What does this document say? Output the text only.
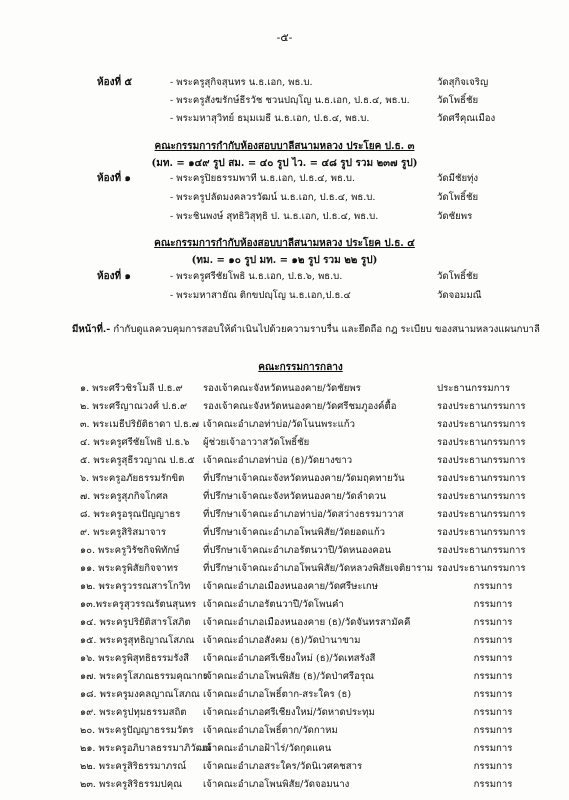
-๕-
ห้องที่ ๕	- พระครูสุกิจสุนทร น.ธ.เอก, พธ.บ.	วัดสุกิจเจริญ
- พระครูสังฆรักษ์ธีรวัช ชวนปญฺโญ น.ธ.เอก, ป.ธ.๔, พธ.บ.	วัดโพธิ์ชัย
- พระมหาสุวิทย์ ธมฺมเมธี น.ธ.เอก, ป.ธ.๔, พธ.บ.	วัดศรีคุณเมือง
คณะกรรมการกำกับห้องสอบบาลีสนามหลวง ประโยค ป.ธ. ๓
(มท. = ๑๔๙ รูป สม. = ๔๐ รูป ไว. = ๔๘ รูป รวม ๒๓๗ รูป)
ห้องที่ ๑	- พระครูปิยธรรมพาที น.ธ.เอก, ป.ธ.๔, พธ.บ.	วัดมีชัยทุ่ง
- พระครูปลัดมงคลวรวัฒน์ น.ธ.เอก, ป.ธ.๔, พธ.บ.	วัดโพธิ์ชัย
- พระชินพงษ์ สุทธิวิสุทฺธิ ป. น.ธ.เอก, ป.ธ.๔, พธ.บ.	วัดชัยพร
คณะกรรมการกำกับห้องสอบบาลีสนามหลวง ประโยค ป.ธ. ๔
(ทม. = ๑๐ รูป มท. = ๑๒ รูป รวม ๒๒ รูป)
ห้องที่ ๑	- พระครูศรีชัยโพธิ น.ธ.เอก, ป.ธ.๖, พธ.บ.	วัดโพธิ์ชัย
- พระมหาสายัณ ติกขปญฺโญ น.ธ.เอก,ป.ธ.๔	วัดจอมมณี
มีหน้าที่.- กำกับดูแลควบคุมการสอบให้ดำเนินไปด้วยความราบรื่น และยึดถือ กฎ ระเบียบ ของสนามหลวงแผนกบาลี
คณะกรรมการกลาง
๑. พระศรีวชิรโมลี ป.ธ.๙ รองเจ้าคณะจังหวัดหนองคาย/วัดชัยพร	ประธานกรรมการ
๒. พระศรีญาณวงศ์ ป.ธ.๙ รองเจ้าคณะจังหวัดหนองคาย/วัดศรีชมภูองค์ตื้อ	รองประธานกรรมการ
๓. พระเมธีปริยัติธาดา ป.ธ.๗ เจ้าคณะอำเภอท่าบ่อ/วัดโนนพระแก้ว	รองประธานกรรมการ
๔. พระครูศรีชัยโพธิ ป.ธ.๖ ผู้ช่วยเจ้าอาวาสวัดโพธิ์ชัย	รองประธานกรรมการ
๕. พระครูสุธีรวญาณ ป.ธ.๕ เจ้าคณะอำเภอท่าบ่อ (ธ)/วัดยางขาว	รองประธานกรรมการ
๖. พระครูอภัยธรรมรักขิต ที่ปรึกษาเจ้าคณะจังหวัดหนองคาย/วัดมฤคทายวัน	รองประธานกรรมการ
๗. พระครูสุภกิจโกศล	ที่ปรึกษาเจ้าคณะจังหวัดหนองคาย/วัดลำดวน	รองประธานกรรมการ
๘. พระครูอรุณปัญญาธร ที่ปรึกษาเจ้าคณะอำเภอท่าบ่อ/วัดสว่างธรรมาวาส	รองประธานกรรมการ
๙. พระครูสิริสมาจาร	ที่ปรึกษาเจ้าคณะอำเภอโพนพิสัย/วัดยอดแก้ว	รองประธานกรรมการ
๑๐. พระครูวิรัชกิจพิทักษ์ ที่ปรึกษาเจ้าคณะอำเภอรัตนวาปี/วัดหนองคอน	รองประธานกรรมการ
๑๑. พระครูพิสัยกิจจาทร	ที่ปรึกษาเจ้าคณะอำเภอโพนพิสัย/วัดหลวงพิสัยเจติยาราม รองประธานกรรมการ
๑๒. พระครูวรรณสารโกวิท เจ้าคณะอำเภอเมืองหนองคาย/วัดศรีษะเกษ	กรรมการ
๑๓.พระครูสุวรรณรัตนสุนทร เจ้าคณะอำเภอรัตนวาปี/วัดโพนคำ	กรรมการ
๑๔. พระครูปริยัติสารโสภิต เจ้าคณะอำเภอเมืองหนองคาย (ธ)/วัดจันทรสามัคคี	กรรมการ
๑๕. พระครูสุทธิญาณโสภณ เจ้าคณะอำเภอสังคม (ธ)/วัดป่านาขาม	กรรมการ
๑๖. พระครูพิสุทธิธรรมรังสี เจ้าคณะอำเภอศรีเชียงใหม่ (ธ)/วัดเทสรังสี	กรรมการ
๑๗. พระครูโสภณธรรมคุณากร
เจ้าคณะอำเภอโพนพิสัย (ธ)/วัดป่าศรีอรุณ	กรรมการ
๑๘. พระครูมงคลญาณโสภณ เจ้าคณะอำเภอโพธิ์ตาก-สระใคร (ธ)	กรรมการ
๑๙. พระครูปทุมธรรมสถิต เจ้าคณะอำเภอศรีเชียงใหม่/วัดหาดประทุม	กรรมการ
๒๐. พระครูปัญญาธรรมวัตร เจ้าคณะอำเภอโพธิ์ตาก/วัดกาหม	กรรมการ
๒๑. พระครูอภิบาลธรรมาภิวัฒน์
เจ้าคณะอำเภอฝ้าไร่/วัดกุดแคน	กรรมการ
๒๒. พระครูสิริธรรมาภรณ์ เจ้าคณะอำเภอสระใคร/วัดนิเวศคชสาร	กรรมการ
๒๓. พระครูสิริธรรมปคุณ เจ้าคณะอำเภอโพนพิสัย/วัดจอมนาง	กรรมการ
